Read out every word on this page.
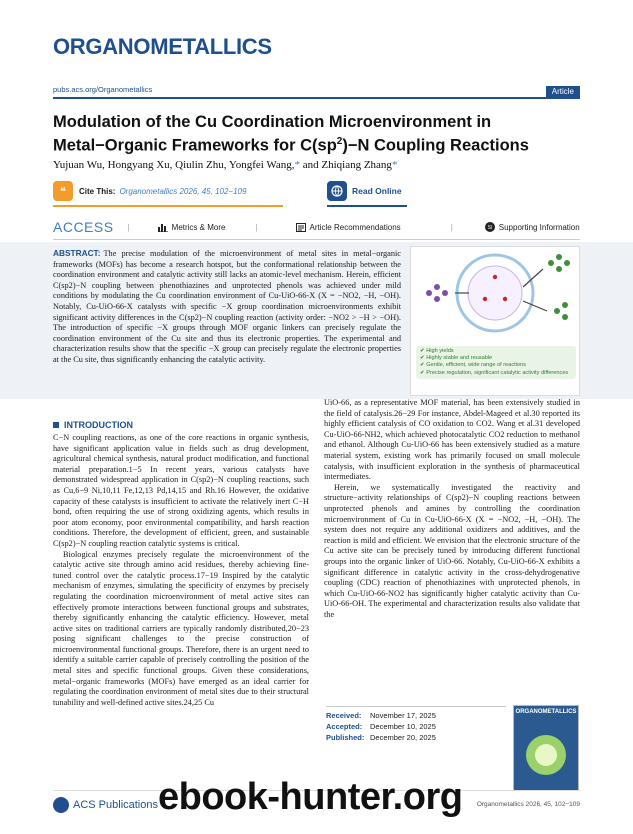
ORGANOMETALLICS
pubs.acs.org/Organometallics	Article
Modulation of the Cu Coordination Microenvironment in
Metal−Organic Frameworks for $C(sp^2)-N$ Coupling Reactions
Yujuan Wu, Hongyang Xu, Qiulin Zhu, Yongfei Wang,* and Zhiqiang Zhang*
❝	Cite This: Organometallics 2026, 45, 102−109	Read Online
ACCESS |	Metrics & More	|	Article Recommendations	|	SI Supporting Information
ABSTRACT: The precise modulation of the microenvironment of metal sites in metal−organic frameworks (MOFs) has become a research hotspot, but the conformational relationship between the coordination environment and catalytic activity still lacks an atomic-level mechanism. Herein, efficient C(sp2)−N coupling between phenothiazines and unprotected phenols was achieved under mild conditions by modulating the Cu coordination environment of Cu-UiO-66-X (X = −NO2, −H, −OH). Notably, Cu-UiO-66-X catalysts with specific −X group coordination microenvironments exhibit significant activity differences in the C(sp2)−N coupling reaction (activity order: −NO2 > −H > −OH). The introduction of specific −X groups through MOF organic linkers can precisely regulate the coordination environment of the Cu site and thus its electronic properties. The experimental and characterization results show that the specific −X group can precisely regulate the electronic properties at the Cu site, thus significantly enhancing the catalytic activity.
✔ High yields
✔ Highly stable and reusable
✔ Gentle, efficient, wide range of reactions
✔ Precise regulation, significant catalytic activity differences
INTRODUCTION

C−N coupling reactions, as one of the core reactions in organic synthesis, have significant application value in fields such as drug development, agricultural chemical synthesis, natural product modification, and functional material preparation.1−5 In recent years, various catalysts have demonstrated widespread application in C(sp2)−N coupling reactions, such as Cu,6−9 Ni,10,11 Fe,12,13 Pd,14,15 and Rh.16 However, the oxidative capacity of these catalysts is insufficient to activate the relatively inert C−H bond, often requiring the use of strong oxidizing agents, which results in poor atom economy, poor environmental compatibility, and harsh reaction conditions. Therefore, the development of efficient, green, and sustainable C(sp2)−N coupling reaction catalytic systems is critical.

Biological enzymes precisely regulate the microenvironment of the catalytic active site through amino acid residues, thereby achieving fine-tuned control over the catalytic process.17−19 Inspired by the catalytic mechanism of enzymes, simulating the specificity of enzymes by precisely regulating the coordination microenvironment of metal active sites can effectively promote interactions between functional groups and substrates, thereby significantly enhancing the catalytic efficiency. However, metal active sites on traditional carriers are typically randomly distributed,20−23 posing significant challenges to the precise construction of microenvironmental functional groups. Therefore, there is an urgent need to identify a suitable carrier capable of precisely controlling the position of the metal sites and specific functional groups. Given these considerations, metal−organic frameworks (MOFs) have emerged as an ideal carrier for regulating the coordination environment of metal sites due to their structural tunability and well-defined active sites.24,25 Cu

UiO-66, as a representative MOF material, has been extensively studied in the field of catalysis.26−29 For instance, Abdel-Mageed et al.30 reported its highly efficient catalysis of CO oxidation to CO2. Wang et al.31 developed Cu-UiO-66-NH2, which achieved photocatalytic CO2 reduction to methanol and ethanol. Although Cu-UiO-66 has been extensively studied as a mature material system, existing work has primarily focused on small molecule catalysis, with insufficient exploration in the synthesis of pharmaceutical intermediates.

Herein, we systematically investigated the reactivity and structure−activity relationships of C(sp2)−N coupling reactions between unprotected phenols and amines by controlling the coordination microenvironment of Cu in Cu-UiO-66-X (X = −NO2, −H, −OH). The system does not require any additional oxidizers and additives, and the reaction is mild and efficient. We envision that the electronic structure of the Cu active site can be precisely tuned by introducing different functional groups into the organic linker of UiO-66. Notably, Cu-UiO-66-X exhibits a significant difference in catalytic activity in the cross-dehydrogenative coupling (CDC) reaction of phenothiazines with unprotected phenols, in which Cu-UiO-66-NO2 has significantly higher catalytic activity than Cu-UiO-66-OH. The experimental and characterization results also validate that the

Received: November 17, 2025
Accepted: December 10, 2025
Published: December 20, 2025
ORGANOMETALLICS
ACS Publications	Organometallics 2026, 45, 102−109
ebook-hunter.org
